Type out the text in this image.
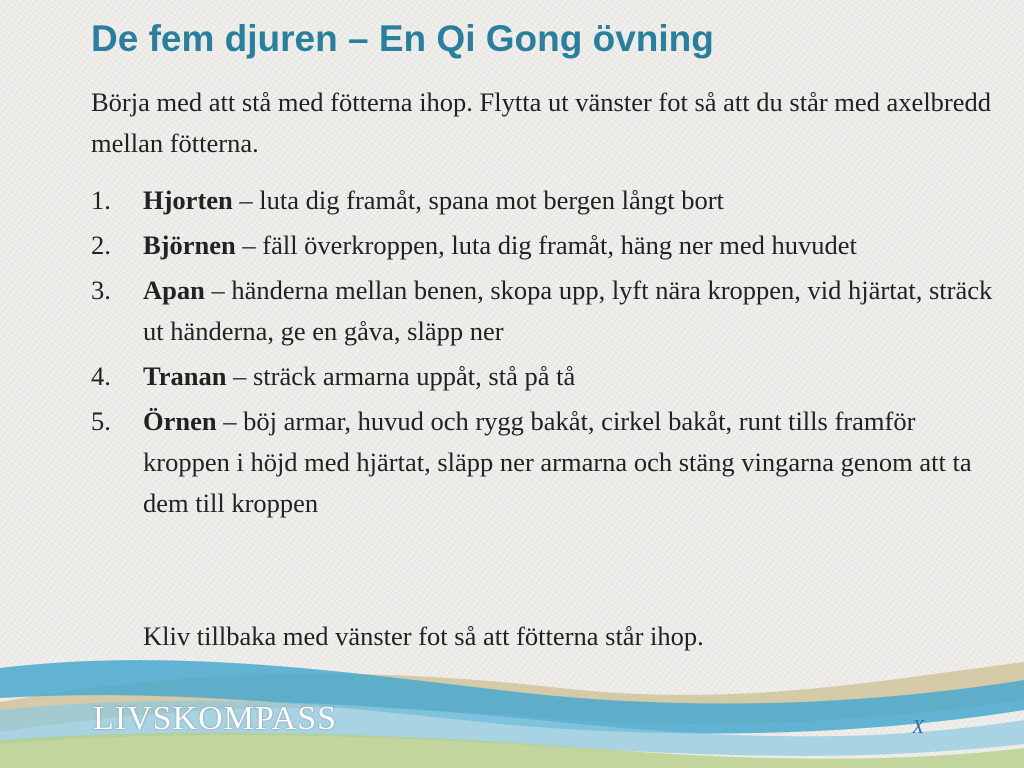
De fem djuren – En Qi Gong övning

Börja med att stå med fötterna ihop. Flytta ut vänster fot så att du står med axelbredd mellan fötterna.

1.	Hjorten – luta dig framåt, spana mot bergen långt bort
2.	Björnen – fäll överkroppen, luta dig framåt, häng ner med huvudet
3.	Apan – händerna mellan benen, skopa upp, lyft nära kroppen, vid hjärtat, sträck ut händerna, ge en gåva, släpp ner
4.	Tranan – sträck armarna uppåt, stå på tå
5.	Örnen – böj armar, huvud och rygg bakåt, cirkel bakåt, runt tills framför kroppen i höjd med hjärtat, släpp ner armarna och stäng vingarna genom att ta dem till kroppen

Kliv tillbaka med vänster fot så att fötterna står ihop.

LIVSKOMPASS	X
